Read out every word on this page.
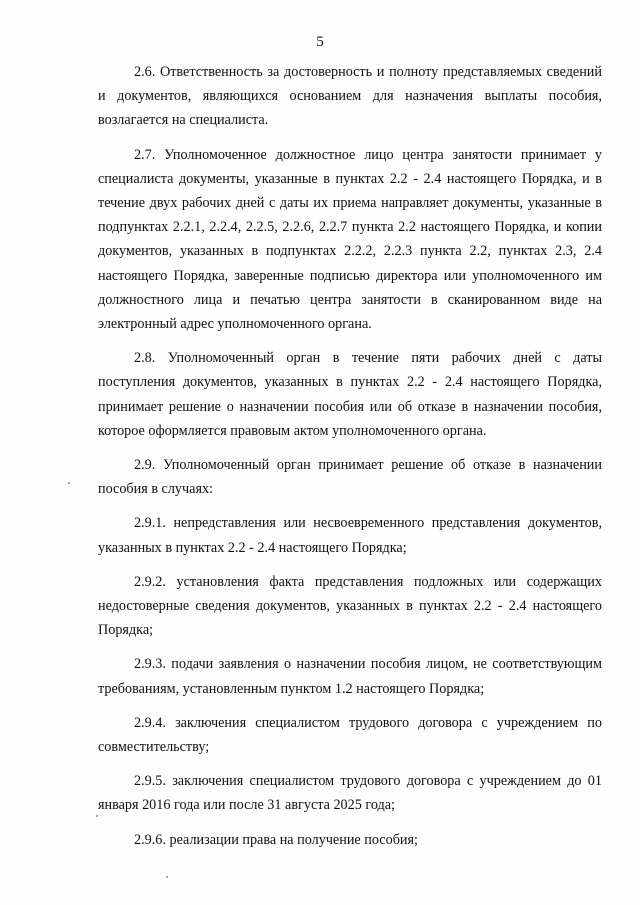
5

2.6. Ответственность за достоверность и полноту представляемых сведений и документов, являющихся основанием для назначения выплаты пособия, возлагается на специалиста.

2.7. Уполномоченное должностное лицо центра занятости принимает у специалиста документы, указанные в пунктах 2.2 - 2.4 настоящего Порядка, и в течение двух рабочих дней с даты их приема направляет документы, указанные в подпунктах 2.2.1, 2.2.4, 2.2.5, 2.2.6, 2.2.7 пункта 2.2 настоящего Порядка, и копии документов, указанных в подпунктах 2.2.2, 2.2.3 пункта 2.2, пунктах 2.3, 2.4 настоящего Порядка, заверенные подписью директора или уполномоченного им должностного лица и печатью центра занятости в сканированном виде на электронный адрес уполномоченного органа.

2.8. Уполномоченный орган в течение пяти рабочих дней с даты поступления документов, указанных в пунктах 2.2 - 2.4 настоящего Порядка, принимает решение о назначении пособия или об отказе в назначении пособия, которое оформляется правовым актом уполномоченного органа.

2.9. Уполномоченный орган принимает решение об отказе в назначении пособия в случаях:

2.9.1. непредставления или несвоевременного представления документов, указанных в пунктах 2.2 - 2.4 настоящего Порядка;

2.9.2. установления факта представления подложных или содержащих недостоверные сведения документов, указанных в пунктах 2.2 - 2.4 настоящего Порядка;

2.9.3. подачи заявления о назначении пособия лицом, не соответствующим требованиям, установленным пунктом 1.2 настоящего Порядка;

2.9.4. заключения специалистом трудового договора с учреждением по совместительству;

2.9.5. заключения специалистом трудового договора с учреждением до 01 января 2016 года или после 31 августа 2025 года;

2.9.6. реализации права на получение пособия;
